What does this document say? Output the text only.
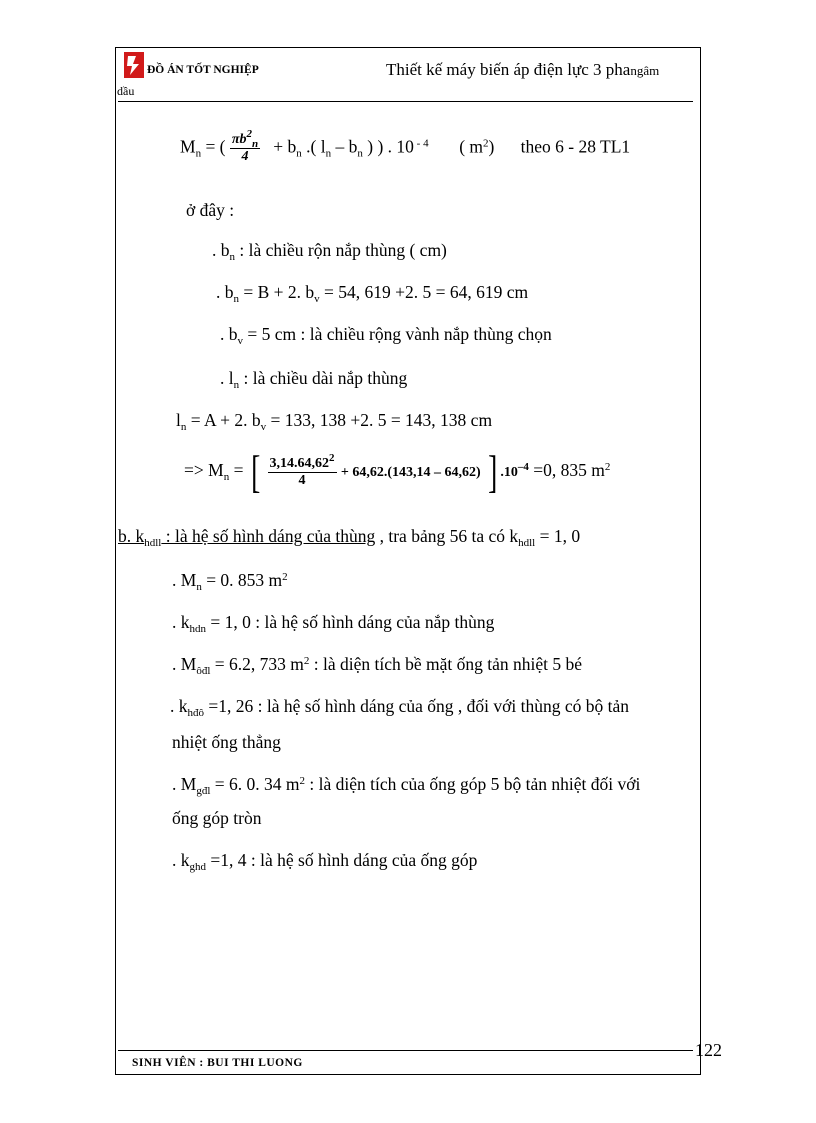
ĐỒ ÁN TỐT NGHIỆP	Thiết kế máy biến áp điện lực 3 phangâm
dầu
$M_n$ = ( $\frac{\pi b^2_n}{4} + b_n$ .( $l_n - b_n$ ) ) . 10 $^{- 4}$ ( $m^2$) theo 6 - 28 TL1
ở đây :
. $b_n$ : là chiều rộn nắp thùng ( cm)
. $b_n = B + 2$. $b_v = 54$, 619 +2. 5 = 64, 619 cm
. $b_v = 5$ cm : là chiều rộng vành nắp thùng chọn
. $l_n$ : là chiều dài nắp thùng
$l_n = A + 2$. $b_v = 133$, 138 +2. 5 = 143, 138 cm
=> $M_n$ = [ $\frac{3,14.64,62^2}{4} + 64,62.(143,14 - 64,62)$ ] $.10^{-4} =0$, 835 $m^2$
b. $k_{hdll}$ : là hệ số hình dáng của thùng , tra bảng 56 ta có $k_{hdll} = 1$, 0
. $M_n = 0$. 853 $m^2$
. $k_{hdn} = 1$, 0 : là hệ số hình dáng của nắp thùng
. $M_{ôđl} = 6.2$, 733 $m^2$ : là diện tích bề mặt ống tản nhiệt 5 bé
. $k_{hđô} =1$, 26 : là hệ số hình dáng của ống , đối với thùng có bộ tản
nhiệt ống thẳng
. $M_{gđl} = 6$. 0. 34 $m^2$ : là diện tích của ống góp 5 bộ tản nhiệt đối với
ống góp tròn
. $k_{ghd} =1$, 4 : là hệ số hình dáng của ống góp
122
SINH VIÊN : BUI THI LUONG
